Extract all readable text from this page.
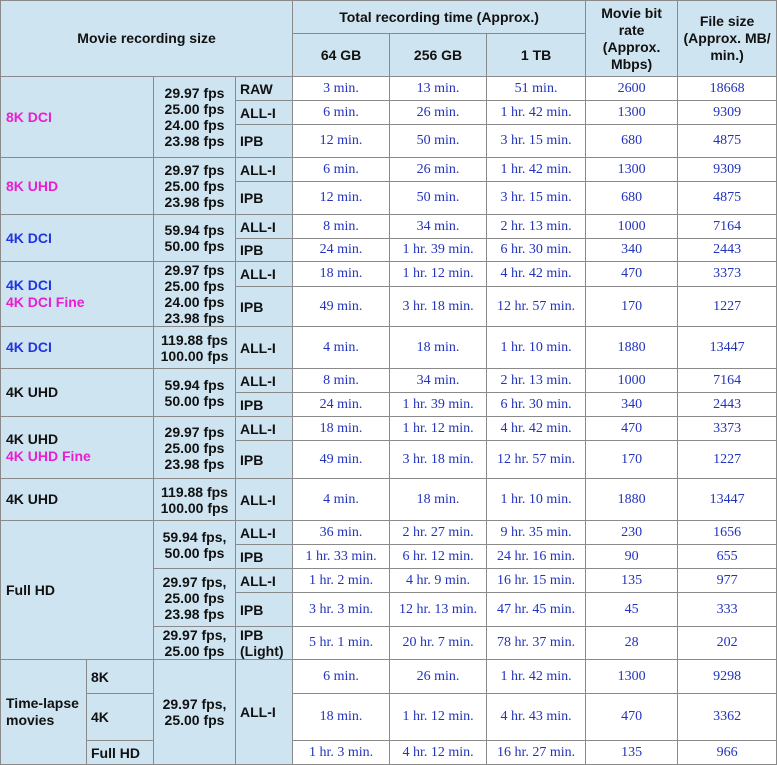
Movie recording size				Total recording time (Approx.)			Movie bit
rate
(Approx.
Mbps)	File size
(Approx. MB/
min.)

				64 GB	256 GB	1 TB		

8K DCI		29.97 fps
25.00 fps
24.00 fps
23.98 fps	RAW	3 min.	13 min.	51 min.	2600	18668
			ALL-I	6 min.	26 min.	1 hr. 42 min.	1300	9309
			IPB	12 min.	50 min.	3 hr. 15 min.	680	4875

8K UHD		29.97 fps
25.00 fps
23.98 fps	ALL-I	6 min.	26 min.	1 hr. 42 min.	1300	9309
			IPB	12 min.	50 min.	3 hr. 15 min.	680	4875

4K DCI		59.94 fps
50.00 fps	ALL-I	8 min.	34 min.	2 hr. 13 min.	1000	7164
			IPB	24 min.	1 hr. 39 min.	6 hr. 30 min.	340	2443

4K DCI
4K DCI Fine		29.97 fps
25.00 fps
24.00 fps
23.98 fps	ALL-I	18 min.	1 hr. 12 min.	4 hr. 42 min.	470	3373
			IPB	49 min.	3 hr. 18 min.	12 hr. 57 min.	170	1227

4K DCI		119.88 fps
100.00 fps	ALL-I	4 min.	18 min.	1 hr. 10 min.	1880	13447

4K UHD		59.94 fps
50.00 fps	ALL-I	8 min.	34 min.	2 hr. 13 min.	1000	7164
			IPB	24 min.	1 hr. 39 min.	6 hr. 30 min.	340	2443

4K UHD
4K UHD Fine		29.97 fps
25.00 fps
23.98 fps	ALL-I	18 min.	1 hr. 12 min.	4 hr. 42 min.	470	3373
			IPB	49 min.	3 hr. 18 min.	12 hr. 57 min.	170	1227

4K UHD		119.88 fps
100.00 fps	ALL-I	4 min.	18 min.	1 hr. 10 min.	1880	13447

Full HD		59.94 fps,
50.00 fps	ALL-I	36 min.	2 hr. 27 min.	9 hr. 35 min.	230	1656
			IPB	1 hr. 33 min.	6 hr. 12 min.	24 hr. 16 min.	90	655

		29.97 fps,
25.00 fps
23.98 fps	ALL-I	1 hr. 2 min.	4 hr. 9 min.	16 hr. 15 min.	135	977
			IPB	3 hr. 3 min.	12 hr. 13 min.	47 hr. 45 min.	45	333

		29.97 fps,
25.00 fps	IPB
(Light)	5 hr. 1 min.	20 hr. 7 min.	78 hr. 37 min.	28	202

Time-lapse
movies	8K	29.97 fps,
25.00 fps	ALL-I	6 min.	26 min.	1 hr. 42 min.	1300	9298
	4K			18 min.	1 hr. 12 min.	4 hr. 43 min.	470	3362
	Full HD			1 hr. 3 min.	4 hr. 12 min.	16 hr. 27 min.	135	966
